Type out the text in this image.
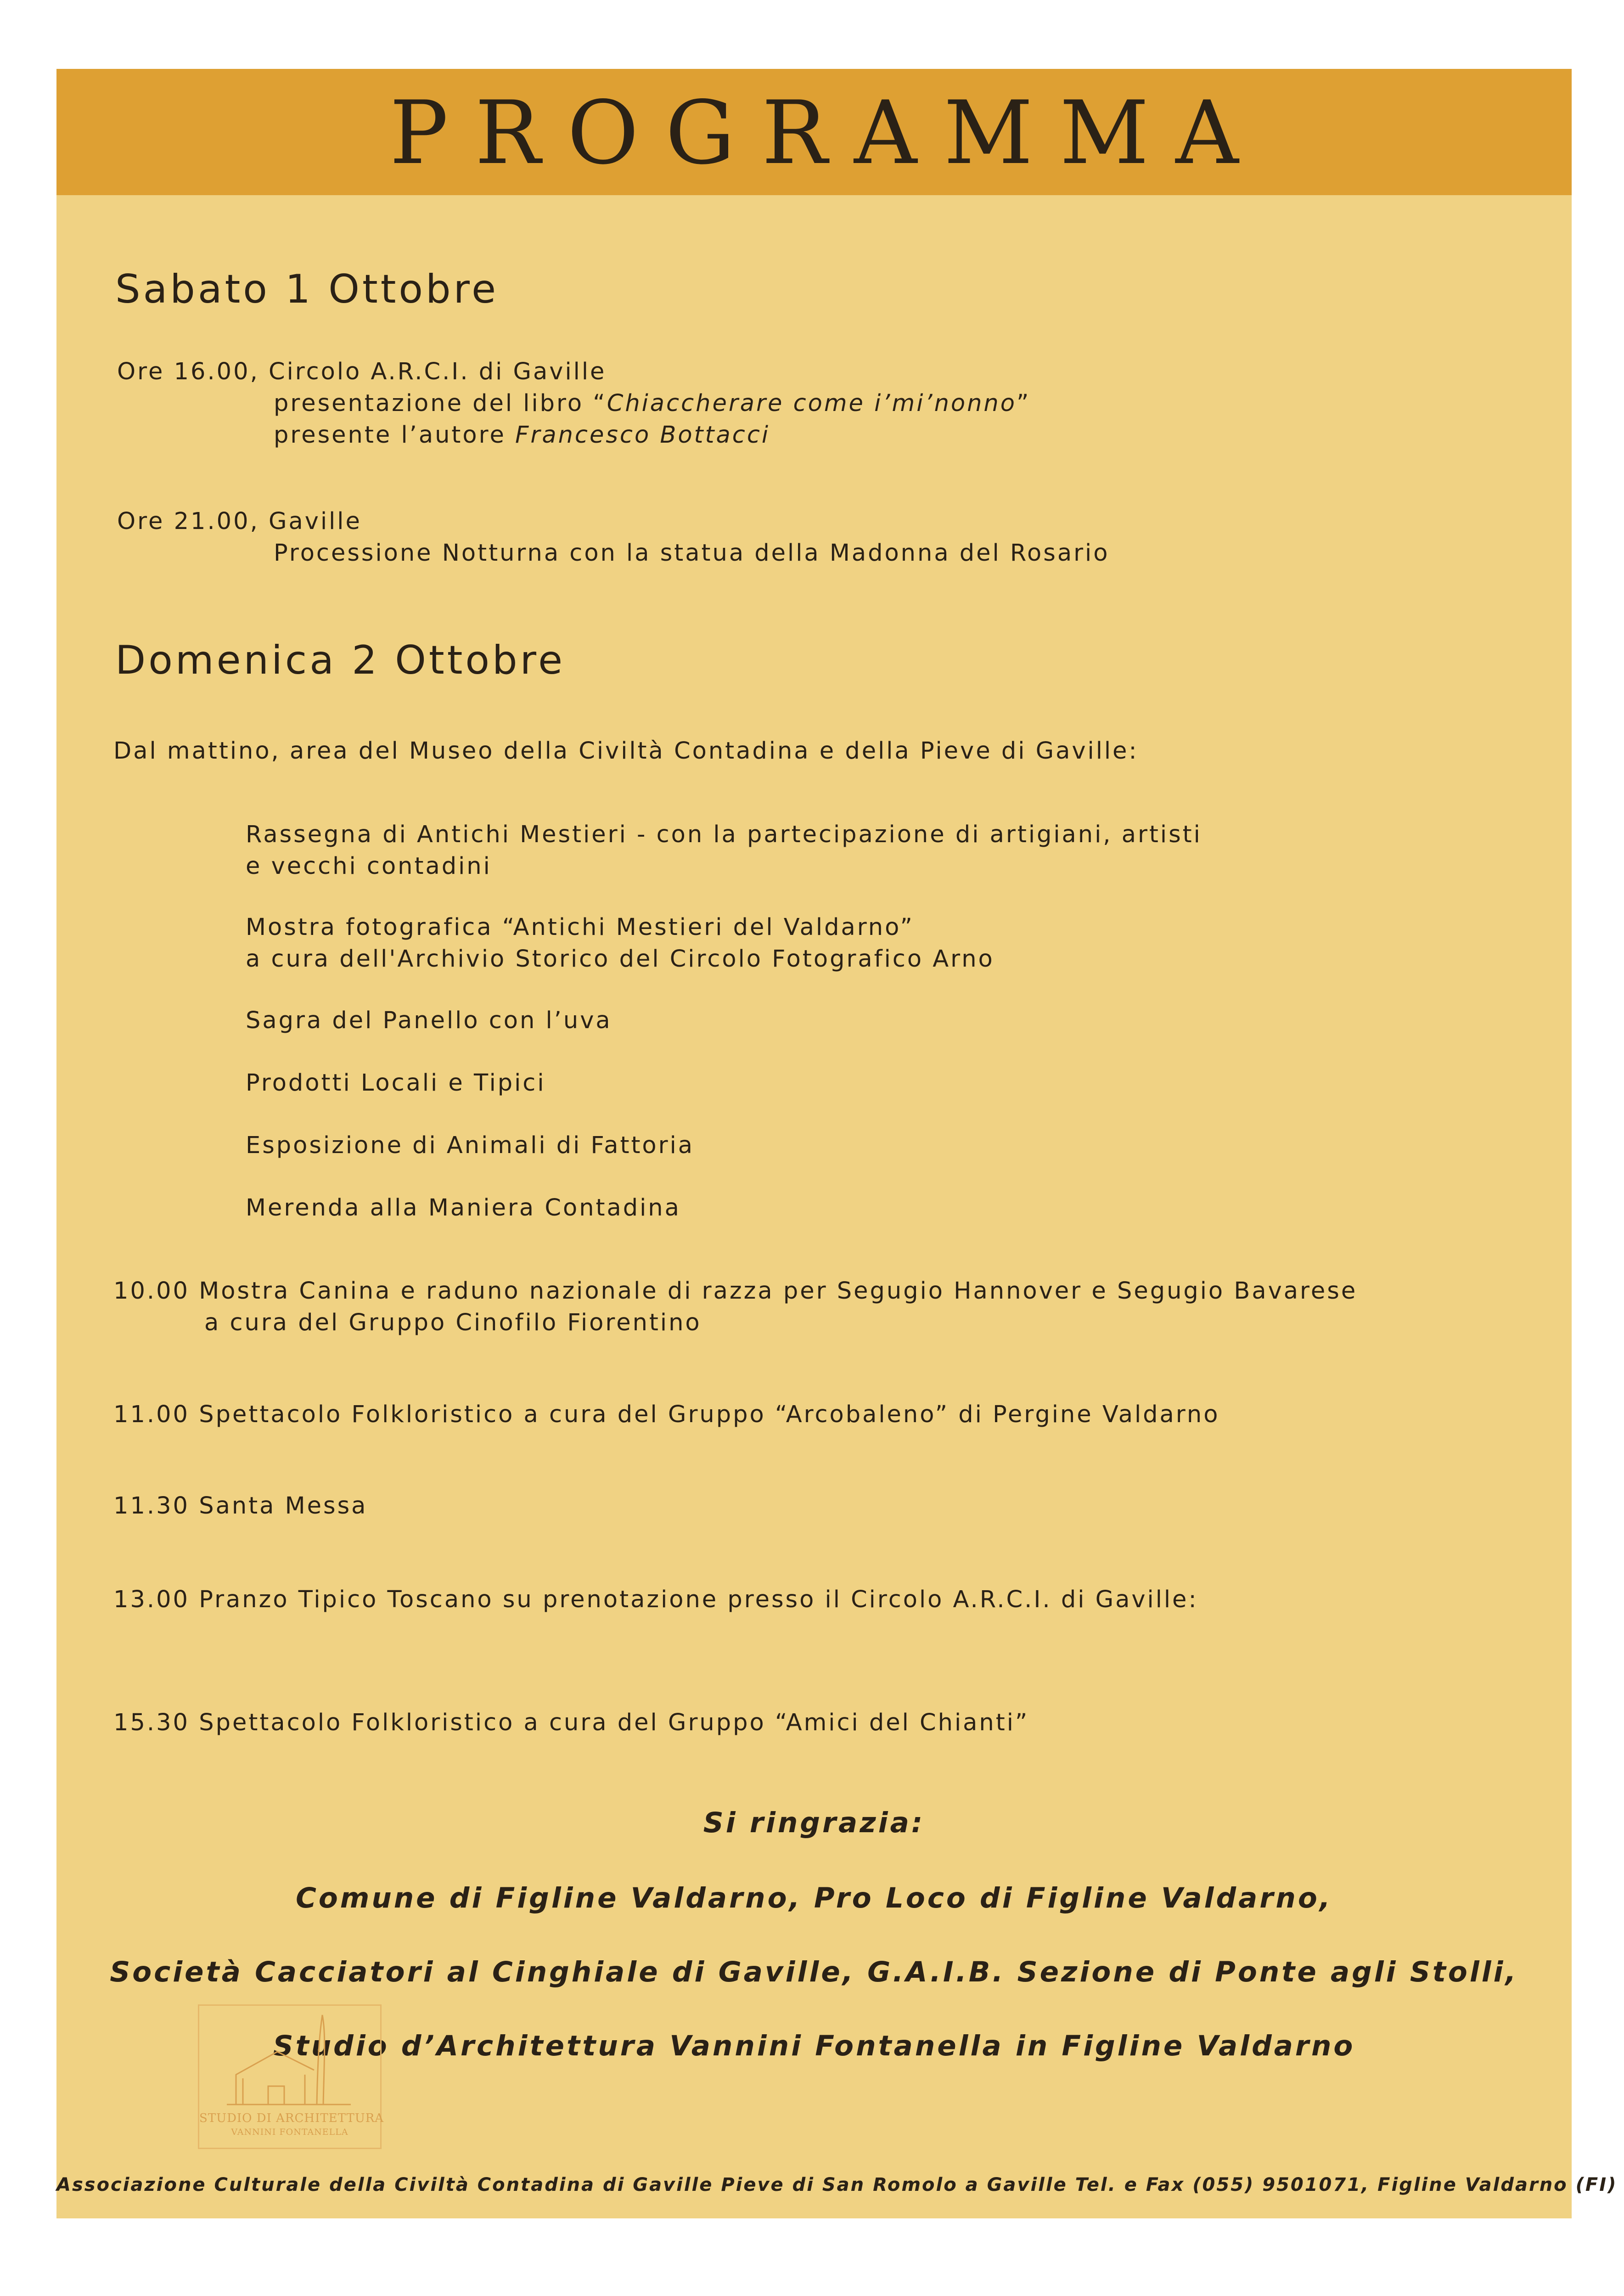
PROGRAMMA
Sabato 1 Ottobre
Ore 16.00, Circolo A.R.C.I. di Gaville
presentazione del libro “Chiaccherare come i’mi’nonno”
presente l’autore Francesco Bottacci
Ore 21.00, Gaville
Processione Notturna con la statua della Madonna del Rosario
Domenica 2 Ottobre
Dal mattino, area del Museo della Civiltà Contadina e della Pieve di Gaville:
Rassegna di Antichi Mestieri - con la partecipazione di artigiani, artisti
e vecchi contadini
Mostra fotografica “Antichi Mestieri del Valdarno”
a cura dell'Archivio Storico del Circolo Fotografico Arno
Sagra del Panello con l’uva
Prodotti Locali e Tipici
Esposizione di Animali di Fattoria
Merenda alla Maniera Contadina
10.00 Mostra Canina e raduno nazionale di razza per Segugio Hannover e Segugio Bavarese
a cura del Gruppo Cinofilo Fiorentino
11.00 Spettacolo Folkloristico a cura del Gruppo “Arcobaleno” di Pergine Valdarno
11.30 Santa Messa
13.00 Pranzo Tipico Toscano su prenotazione presso il Circolo A.R.C.I. di Gaville:
15.30 Spettacolo Folkloristico a cura del Gruppo “Amici del Chianti”
Si ringrazia:
Comune di Figline Valdarno, Pro Loco di Figline Valdarno,
Società Cacciatori al Cinghiale di Gaville, G.A.I.B. Sezione di Ponte agli Stolli,
Studio d’Architettura Vannini Fontanella in Figline Valdarno
STUDIO DI ARCHITETTURA
VANNINI FONTANELLA
Associazione Culturale della Civiltà Contadina di Gaville Pieve di San Romolo a Gaville Tel. e Fax (055) 9501071, Figline Valdarno (FI)
